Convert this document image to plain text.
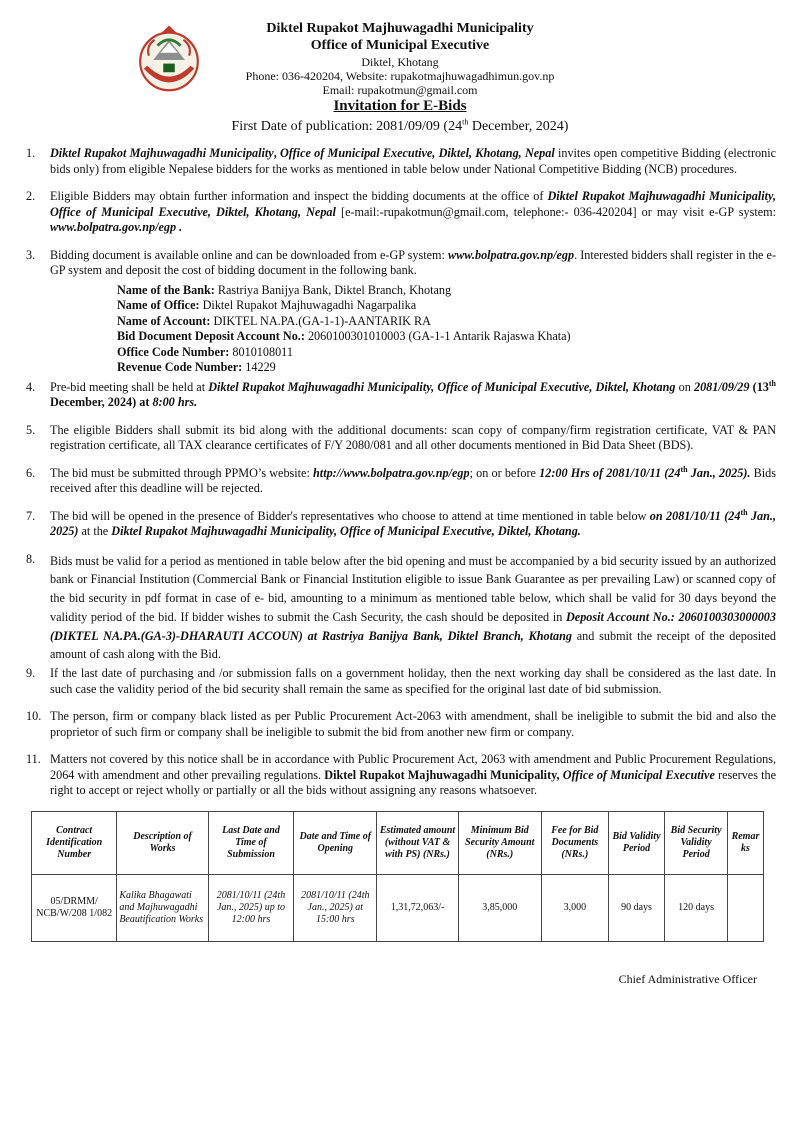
Diktel Rupakot Majhuwagadhi Municipality
Office of Municipal Executive
Diktel, Khotang
Phone: 036-420204, Website: rupakotmajhuwagadhimun.gov.np
Email: rupakotmun@gmail.com
Invitation for E-Bids
First Date of publication: 2081/09/09 (24th December, 2024)
1.	Diktel Rupakot Majhuwagadhi Municipality, Office of Municipal Executive, Diktel, Khotang, Nepal invites open competitive Bidding (electronic bids only) from eligible Nepalese bidders for the works as mentioned in table below under National Competitive Bidding (NCB) procedures.
2.	Eligible Bidders may obtain further information and inspect the bidding documents at the office of Diktel Rupakot Majhuwagadhi Municipality, Office of Municipal Executive, Diktel, Khotang, Nepal [e-mail:-rupakotmun@gmail.com, telephone:- 036-420204] or may visit e-GP system: www.bolpatra.gov.np/egp .
3.	Bidding document is available online and can be downloaded from e-GP system: www.bolpatra.gov.np/egp. Interested bidders shall register in the e-GP system and deposit the cost of bidding document in the following bank.
Name of the Bank: Rastriya Banijya Bank, Diktel Branch, Khotang
Name of Office: Diktel Rupakot Majhuwagadhi Nagarpalika
Name of Account: DIKTEL NA.PA.(GA-1-1)-AANTARIK RA
Bid Document Deposit Account No.: 2060100301010003 (GA-1-1 Antarik Rajaswa Khata)
Office Code Number: 8010108011
Revenue Code Number: 14229
4.	Pre-bid meeting shall be held at Diktel Rupakot Majhuwagadhi Municipality, Office of Municipal Executive, Diktel, Khotang on 2081/09/29 (13th December, 2024) at 8:00 hrs.
5.	The eligible Bidders shall submit its bid along with the additional documents: scan copy of company/firm registration certificate, VAT & PAN registration certificate, all TAX clearance certificates of F/Y 2080/081 and all other documents mentioned in Bid Data Sheet (BDS).
6.	The bid must be submitted through PPMO’s website: http://www.bolpatra.gov.np/egp; on or before 12:00 Hrs of 2081/10/11 (24th Jan., 2025). Bids received after this deadline will be rejected.
7.	The bid will be opened in the presence of Bidder's representatives who choose to attend at time mentioned in table below on 2081/10/11 (24th Jan., 2025) at the Diktel Rupakot Majhuwagadhi Municipality, Office of Municipal Executive, Diktel, Khotang.
8.	Bids must be valid for a period as mentioned in table below after the bid opening and must be accompanied by a bid security issued by an authorized bank or Financial Institution (Commercial Bank or Financial Institution eligible to issue Bank Guarantee as per prevailing Law) or scanned copy of the bid security in pdf format in case of e- bid, amounting to a minimum as mentioned table below, which shall be valid for 30 days beyond the validity period of the bid. If bidder wishes to submit the Cash Security, the cash should be deposited in Deposit Account No.: 2060100303000003 (DIKTEL NA.PA.(GA-3)-DHARAUTI ACCOUN) at Rastriya Banijya Bank, Diktel Branch, Khotang and submit the receipt of the deposited amount of cash along with the Bid.
9.	If the last date of purchasing and /or submission falls on a government holiday, then the next working day shall be considered as the last date. In such case the validity period of the bid security shall remain the same as specified for the original last date of bid submission.
10. The person, firm or company black listed as per Public Procurement Act-2063 with amendment, shall be ineligible to submit the bid and also the proprietor of such firm or company shall be ineligible to submit the bid from another new firm or company.
11. Matters not covered by this notice shall be in accordance with Public Procurement Act, 2063 with amendment and Public Procurement Regulations, 2064 with amendment and other prevailing regulations. Diktel Rupakot Majhuwagadhi Municipality, Office of Municipal Executive reserves the right to accept or reject wholly or partially or all the bids without assigning any reasons whatsoever.
Contract Identification Number	Description of Works	Last Date and Time of Submission	Date and Time of Opening	Estimated amount (without VAT & with PS) (NRs.)	Minimum Bid Security Amount (NRs.)	Fee for Bid Documents (NRs.)	Bid Validity Period	Bid Security Validity Period	Remarks
05/DRMM/ NCB/W/208 1/082	Kalika Bhagawati and Majhuwagadhi Beautification Works	2081/10/11 (24th Jan., 2025) up to 12:00 hrs	2081/10/11 (24th Jan., 2025) at 15:00 hrs	1,31,72,063/-	3,85,000	3,000	90 days	120 days	
Chief Administrative Officer
